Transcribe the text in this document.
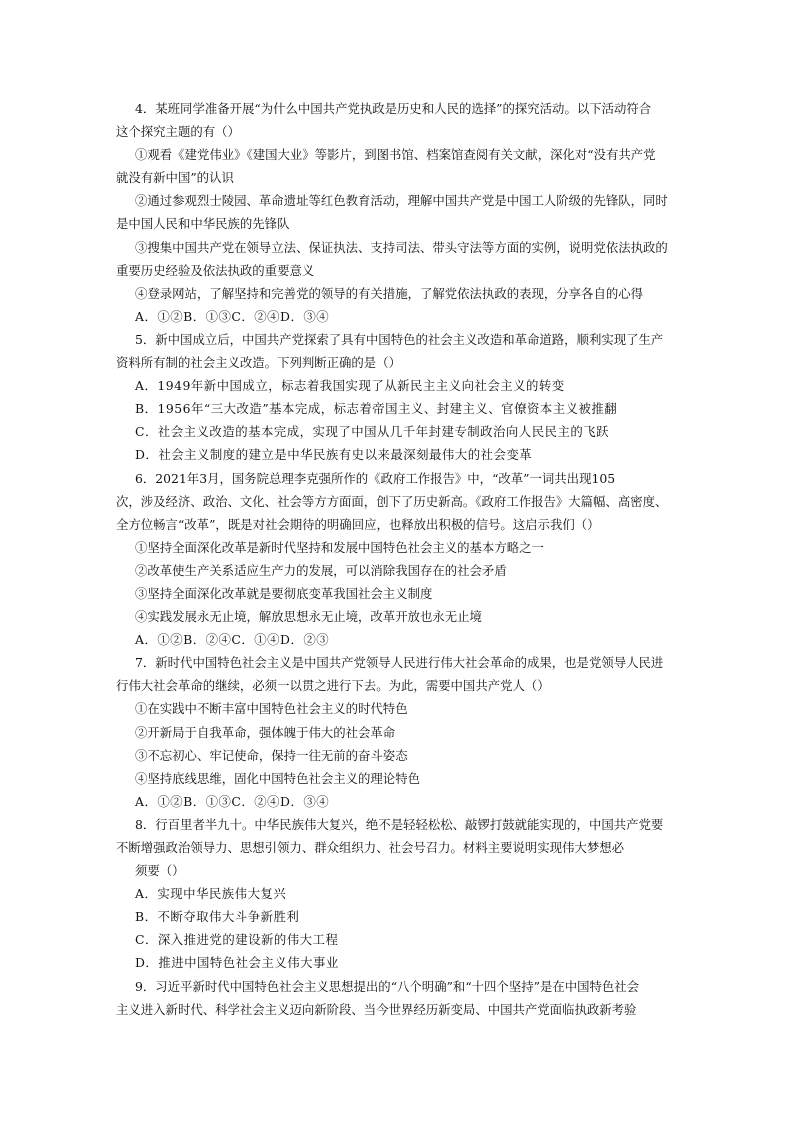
4．某班同学准备开展“为什么中国共产党执政是历史和人民的选择”的探究活动。以下活动符合
这个探究主题的有（）
①观看《建党伟业》《建国大业》等影片，到图书馆、档案馆查阅有关文献，深化对“没有共产党
就没有新中国”的认识
②通过参观烈士陵园、革命遗址等红色教育活动，理解中国共产党是中国工人阶级的先锋队，同时
是中国人民和中华民族的先锋队
③搜集中国共产党在领导立法、保证执法、支持司法、带头守法等方面的实例，说明党依法执政的
重要历史经验及依法执政的重要意义
④登录网站，了解坚持和完善党的领导的有关措施，了解党依法执政的表现，分享各自的心得
A．①②B．①③C．②④D．③④
5．新中国成立后，中国共产党探索了具有中国特色的社会主义改造和革命道路，顺利实现了生产
资料所有制的社会主义改造。下列判断正确的是（）
A．1949年新中国成立，标志着我国实现了从新民主主义向社会主义的转变
B．1956年“三大改造”基本完成，标志着帝国主义、封建主义、官僚资本主义被推翻
C．社会主义改造的基本完成，实现了中国从几千年封建专制政治向人民民主的飞跃
D．社会主义制度的建立是中华民族有史以来最深刻最伟大的社会变革
6．2021年3月，国务院总理李克强所作的《政府工作报告》中，“改革”一词共出现105
次，涉及经济、政治、文化、社会等方方面面，创下了历史新高。《政府工作报告》大篇幅、高密度、
全方位畅言“改革”，既是对社会期待的明确回应，也释放出积极的信号。这启示我们（）
①坚持全面深化改革是新时代坚持和发展中国特色社会主义的基本方略之一
②改革使生产关系适应生产力的发展，可以消除我国存在的社会矛盾
③坚持全面深化改革就是要彻底变革我国社会主义制度
④实践发展永无止境，解放思想永无止境，改革开放也永无止境
A．①②B．②④C．①④D．②③
7．新时代中国特色社会主义是中国共产党领导人民进行伟大社会革命的成果，也是党领导人民进
行伟大社会革命的继续，必须一以贯之进行下去。为此，需要中国共产党人（）
①在实践中不断丰富中国特色社会主义的时代特色
②开新局于自我革命，强体魄于伟大的社会革命
③不忘初心、牢记使命，保持一往无前的奋斗姿态
④坚持底线思维，固化中国特色社会主义的理论特色
A．①②B．①③C．②④D．③④
8．行百里者半九十。中华民族伟大复兴，绝不是轻轻松松、敲锣打鼓就能实现的，中国共产党要
不断增强政治领导力、思想引领力、群众组织力、社会号召力。材料主要说明实现伟大梦想必
须要（）
A．实现中华民族伟大复兴
B．不断夺取伟大斗争新胜利
C．深入推进党的建设新的伟大工程
D．推进中国特色社会主义伟大事业
9．习近平新时代中国特色社会主义思想提出的“八个明确”和“十四个坚持”是在中国特色社会
主义进入新时代、科学社会主义迈向新阶段、当今世界经历新变局、中国共产党面临执政新考验
